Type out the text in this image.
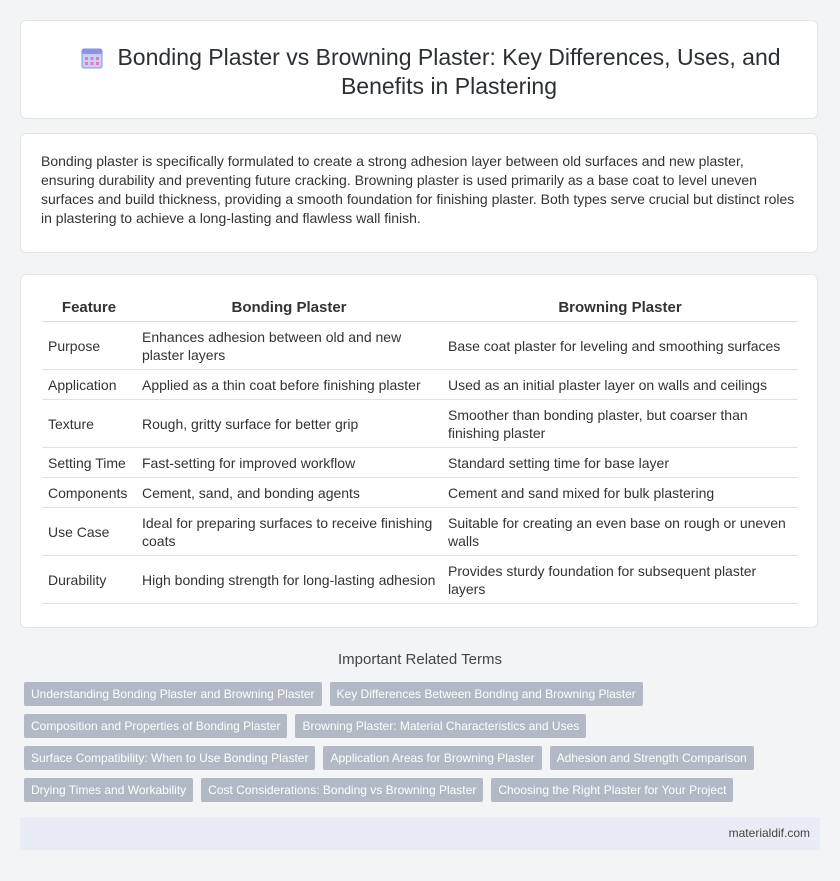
Bonding Plaster vs Browning Plaster: Key Differences, Uses, and Benefits in Plastering
Bonding plaster is specifically formulated to create a strong adhesion layer between old surfaces and new plaster, ensuring durability and preventing future cracking. Browning plaster is used primarily as a base coat to level uneven surfaces and build thickness, providing a smooth foundation for finishing plaster. Both types serve crucial but distinct roles in plastering to achieve a long-lasting and flawless wall finish.
Feature	Bonding Plaster	Browning Plaster
Purpose	Enhances adhesion between old and new plaster layers	Base coat plaster for leveling and smoothing surfaces
Application	Applied as a thin coat before finishing plaster	Used as an initial plaster layer on walls and ceilings
Texture	Rough, gritty surface for better grip	Smoother than bonding plaster, but coarser than finishing plaster
Setting Time	Fast-setting for improved workflow	Standard setting time for base layer
Components	Cement, sand, and bonding agents	Cement and sand mixed for bulk plastering
Use Case	Ideal for preparing surfaces to receive finishing coats	Suitable for creating an even base on rough or uneven walls
Durability	High bonding strength for long-lasting adhesion	Provides sturdy foundation for subsequent plaster layers
Important Related Terms
Understanding Bonding Plaster and Browning Plaster	Key Differences Between Bonding and Browning Plaster
Composition and Properties of Bonding Plaster	Browning Plaster: Material Characteristics and Uses
Surface Compatibility: When to Use Bonding Plaster	Application Areas for Browning Plaster	Adhesion and Strength Comparison
Drying Times and Workability	Cost Considerations: Bonding vs Browning Plaster	Choosing the Right Plaster for Your Project
materialdif.com
